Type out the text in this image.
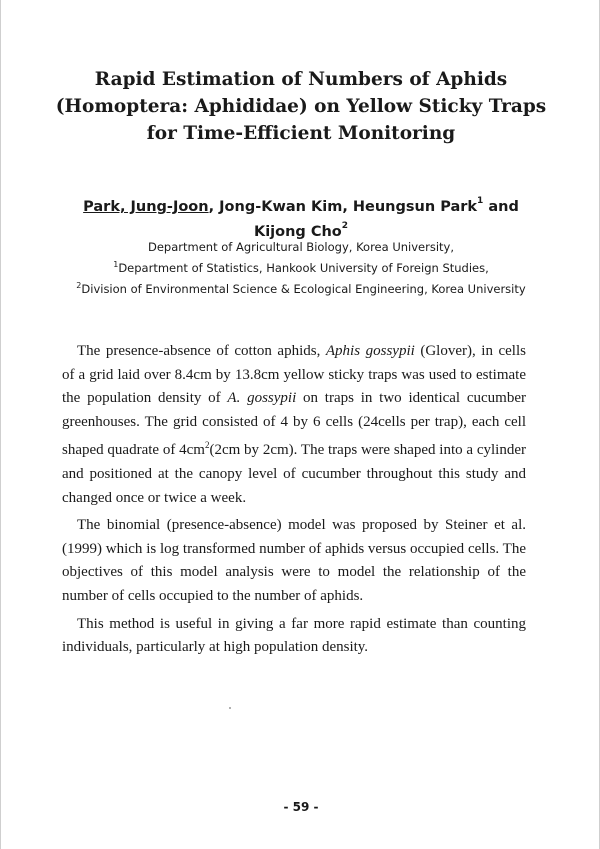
Rapid Estimation of Numbers of Aphids
(Homoptera: Aphididae) on Yellow Sticky Traps
for Time-Efficient Monitoring
Park, Jung-Joon, Jong-Kwan Kim, Heungsun Park$^1$ and
Kijong Cho$^2$
Department of Agricultural Biology, Korea University,
$^1$Department of Statistics, Hankook University of Foreign Studies,
$^2$Division of Environmental Science & Ecological Engineering, Korea University

The presence-absence of cotton aphids, Aphis gossypii (Glover), in cells of a grid laid over 8.4cm by 13.8cm yellow sticky traps was used to estimate the population density of A. gossypii on traps in two identical cucumber greenhouses. The grid consisted of 4 by 6 cells (24cells per trap), each cell shaped quadrate of $4cm^2(2cm$ by 2cm). The traps were shaped into a cylinder and positioned at the canopy level of cucumber throughout this study and changed once or twice a week.

The binomial (presence-absence) model was proposed by Steiner et al. (1999) which is log transformed number of aphids versus occupied cells. The objectives of this model analysis were to model the relationship of the number of cells occupied to the number of aphids.

This method is useful in giving a far more rapid estimate than counting individuals, particularly at high population density.

- 59 -
